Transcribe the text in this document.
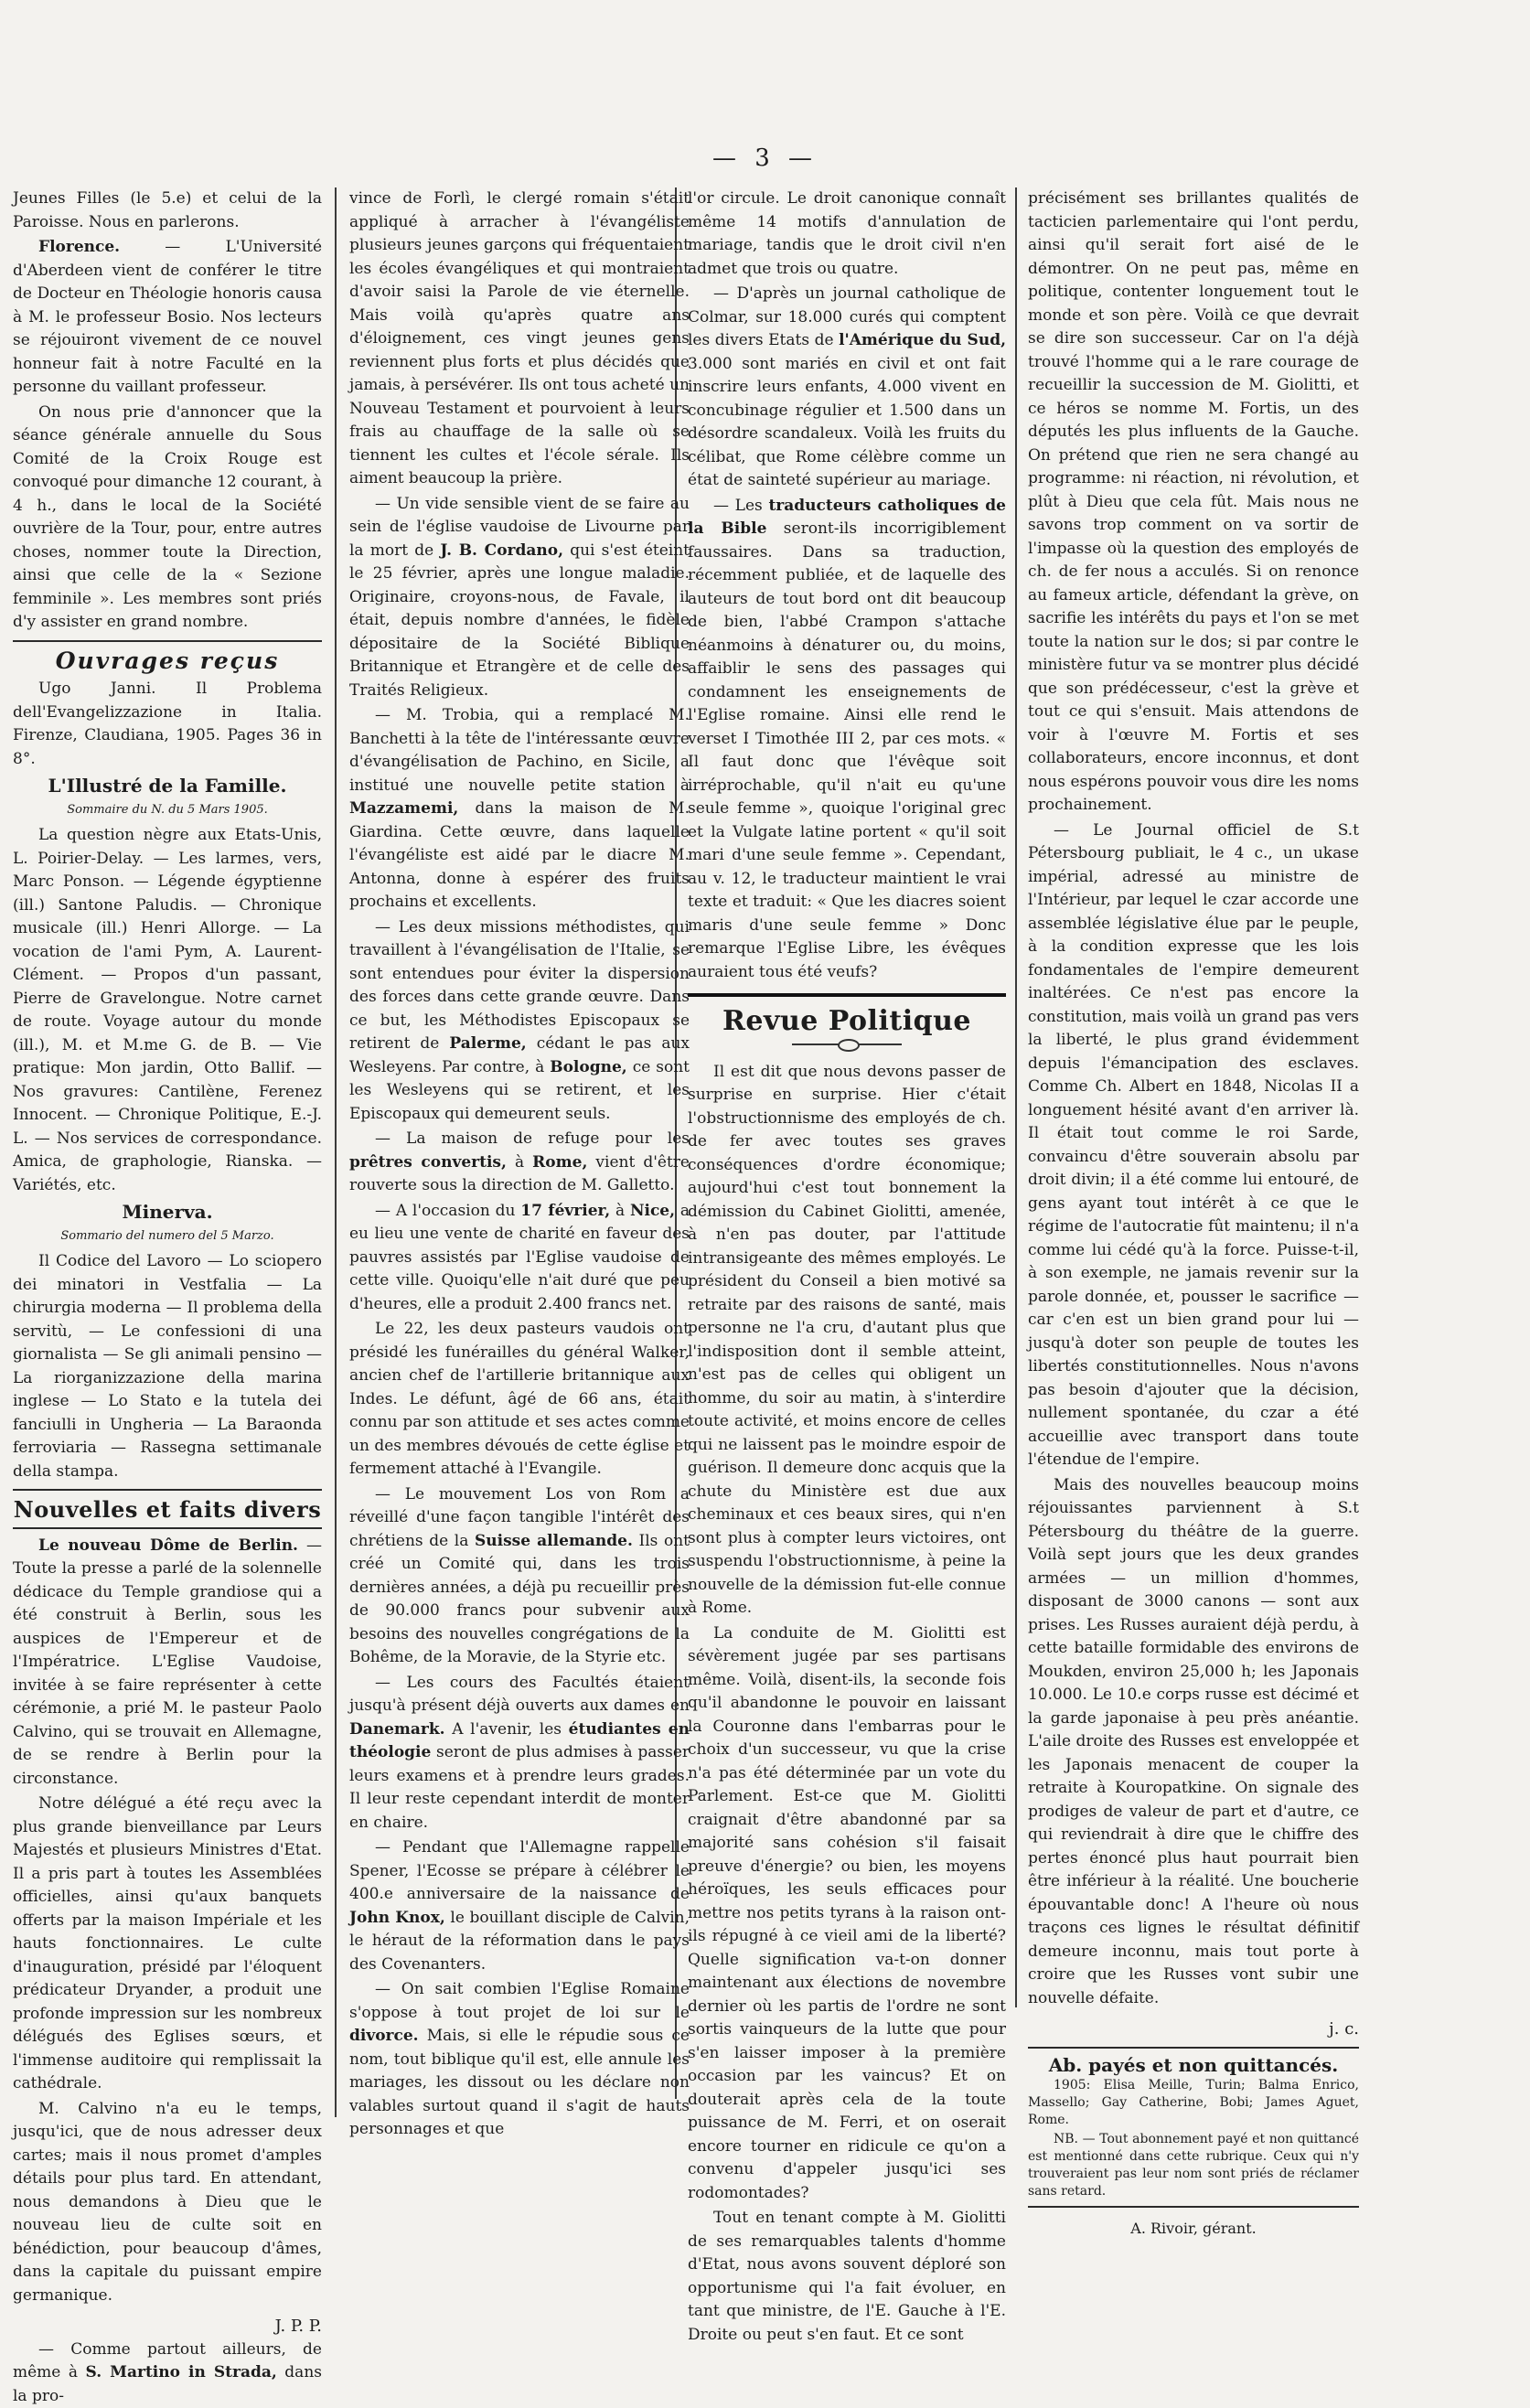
— 3 —

Jeunes Filles (le 5.e) et celui de la Paroisse. Nous en parlerons.

Florence. — L'Université d'Aberdeen vient de conférer le titre de Docteur en Théologie honoris causa à M. le professeur Bosio. Nos lecteurs se réjouiront vivement de ce nouvel honneur fait à notre Faculté en la personne du vaillant professeur.

On nous prie d'annoncer que la séance générale annuelle du Sous Comité de la Croix Rouge est convoqué pour dimanche 12 courant, à 4 h., dans le local de la Société ouvrière de la Tour, pour, entre autres choses, nommer toute la Direction, ainsi que celle de la « Sezione femminile ». Les membres sont priés d'y assister en grand nombre.

Ouvrages reçus

Ugo Janni. Il Problema dell'Evangelizzazione in Italia. Firenze, Claudiana, 1905. Pages 36 in 8°.

L'Illustré de la Famille.
Sommaire du N. du 5 Mars 1905.

La question nègre aux Etats-Unis, L. Poirier-Delay. — Les larmes, vers, Marc Ponson. — Légende égyptienne (ill.) Santone Paludis. — Chronique musicale (ill.) Henri Allorge. — La vocation de l'ami Pym, A. Laurent-Clément. — Propos d'un passant, Pierre de Gravelongue. Notre carnet de route. Voyage autour du monde (ill.), M. et M.me G. de B. — Vie pratique: Mon jardin, Otto Ballif. — Nos gravures: Cantilène, Ferenez Innocent. — Chronique Politique, E.-J. L. — Nos services de correspondance. Amica, de graphologie, Rianska. — Variétés, etc.

Minerva.
Sommario del numero del 5 Marzo.

Il Codice del Lavoro — Lo sciopero dei minatori in Vestfalia — La chirurgia moderna — Il problema della servitù, — Le confessioni di una giornalista — Se gli animali pensino — La riorganizzazione della marina inglese — Lo Stato e la tutela dei fanciulli in Ungheria — La Baraonda ferroviaria — Rassegna settimanale della stampa.

Nouvelles et faits divers

Le nouveau Dôme de Berlin. — Toute la presse a parlé de la solennelle dédicace du Temple grandiose qui a été construit à Berlin, sous les auspices de l'Empereur et de l'Impératrice. L'Eglise Vaudoise, invitée à se faire représenter à cette cérémonie, a prié M. le pasteur Paolo Calvino, qui se trouvait en Allemagne, de se rendre à Berlin pour la circonstance.

Notre délégué a été reçu avec la plus grande bienveillance par Leurs Majestés et plusieurs Ministres d'Etat. Il a pris part à toutes les Assemblées officielles, ainsi qu'aux banquets offerts par la maison Impériale et les hauts fonctionnaires. Le culte d'inauguration, présidé par l'éloquent prédicateur Dryander, a produit une profonde impression sur les nombreux délégués des Eglises sœurs, et l'immense auditoire qui remplissait la cathédrale.

M. Calvino n'a eu le temps, jusqu'ici, que de nous adresser deux cartes; mais il nous promet d'amples détails pour plus tard. En attendant, nous demandons à Dieu que le nouveau lieu de culte soit en bénédiction, pour beaucoup d'âmes, dans la capitale du puissant empire germanique.

J. P. P.

— Comme partout ailleurs, de même à S. Martino in Strada, dans la pro-

vince de Forlì, le clergé romain s'était appliqué à arracher à l'évangéliste plusieurs jeunes garçons qui fréquentaient les écoles évangéliques et qui montraient d'avoir saisi la Parole de vie éternelle. Mais voilà qu'après quatre ans d'éloignement, ces vingt jeunes gens reviennent plus forts et plus décidés que jamais, à persévérer. Ils ont tous acheté un Nouveau Testament et pourvoient à leurs frais au chauffage de la salle où se tiennent les cultes et l'école sérale. Ils aiment beaucoup la prière.

— Un vide sensible vient de se faire au sein de l'église vaudoise de Livourne par la mort de J. B. Cordano, qui s'est éteint le 25 février, après une longue maladie. Originaire, croyons-nous, de Favale, il était, depuis nombre d'années, le fidèle dépositaire de la Société Biblique Britannique et Etrangère et de celle des Traités Religieux.

— M. Trobia, qui a remplacé M. Banchetti à la tête de l'intéressante œuvre d'évangélisation de Pachino, en Sicile, a institué une nouvelle petite station à Mazzamemi, dans la maison de M. Giardina. Cette œuvre, dans laquelle l'évangéliste est aidé par le diacre M. Antonna, donne à espérer des fruits prochains et excellents.

— Les deux missions méthodistes, qui travaillent à l'évangélisation de l'Italie, se sont entendues pour éviter la dispersion des forces dans cette grande œuvre. Dans ce but, les Méthodistes Episcopaux se retirent de Palerme, cédant le pas aux Wesleyens. Par contre, à Bologne, ce sont les Wesleyens qui se retirent, et les Episcopaux qui demeurent seuls.

— La maison de refuge pour les prêtres convertis, à Rome, vient d'être rouverte sous la direction de M. Galletto.

— A l'occasion du 17 février, à Nice, a eu lieu une vente de charité en faveur des pauvres assistés par l'Eglise vaudoise de cette ville. Quoiqu'elle n'ait duré que peu d'heures, elle a produit 2.400 francs net.

Le 22, les deux pasteurs vaudois ont présidé les funérailles du général Walker, ancien chef de l'artillerie britannique aux Indes. Le défunt, âgé de 66 ans, était connu par son attitude et ses actes comme un des membres dévoués de cette église et fermement attaché à l'Evangile.

— Le mouvement Los von Rom a réveillé d'une façon tangible l'intérêt des chrétiens de la Suisse allemande. Ils ont créé un Comité qui, dans les trois dernières années, a déjà pu recueillir près de 90.000 francs pour subvenir aux besoins des nouvelles congrégations de la Bohême, de la Moravie, de la Styrie etc.

— Les cours des Facultés étaient jusqu'à présent déjà ouverts aux dames en Danemark. A l'avenir, les étudiantes en théologie seront de plus admises à passer leurs examens et à prendre leurs grades. Il leur reste cependant interdit de monter en chaire.

— Pendant que l'Allemagne rappelle Spener, l'Ecosse se prépare à célébrer le 400.e anniversaire de la naissance de John Knox, le bouillant disciple de Calvin, le héraut de la réformation dans le pays des Covenanters.

— On sait combien l'Eglise Romaine s'oppose à tout projet de loi sur le divorce. Mais, si elle le répudie sous ce nom, tout biblique qu'il est, elle annule les mariages, les dissout ou les déclare non valables surtout quand il s'agit de hauts personnages et que

l'or circule. Le droit canonique connaît même 14 motifs d'annulation de mariage, tandis que le droit civil n'en admet que trois ou quatre.

— D'après un journal catholique de Colmar, sur 18.000 curés qui comptent les divers Etats de l'Amérique du Sud, 3.000 sont mariés en civil et ont fait inscrire leurs enfants, 4.000 vivent en concubinage régulier et 1.500 dans un désordre scandaleux. Voilà les fruits du célibat, que Rome célèbre comme un état de sainteté supérieur au mariage.

— Les traducteurs catholiques de la Bible seront-ils incorrigiblement faussaires. Dans sa traduction, récemment publiée, et de laquelle des auteurs de tout bord ont dit beaucoup de bien, l'abbé Crampon s'attache néanmoins à dénaturer ou, du moins, affaiblir le sens des passages qui condamnent les enseignements de l'Eglise romaine. Ainsi elle rend le verset I Timothée III 2, par ces mots. « Il faut donc que l'évêque soit irréprochable, qu'il n'ait eu qu'une seule femme », quoique l'original grec et la Vulgate latine portent « qu'il soit mari d'une seule femme ». Cependant, au v. 12, le traducteur maintient le vrai texte et traduit: « Que les diacres soient maris d'une seule femme » Donc remarque l'Eglise Libre, les évêques auraient tous été veufs?

Revue Politique

Il est dit que nous devons passer de surprise en surprise. Hier c'était l'obstructionnisme des employés de ch. de fer avec toutes ses graves conséquences d'ordre économique; aujourd'hui c'est tout bonnement la démission du Cabinet Giolitti, amenée, à n'en pas douter, par l'attitude intransigeante des mêmes employés. Le président du Conseil a bien motivé sa retraite par des raisons de santé, mais personne ne l'a cru, d'autant plus que l'indisposition dont il semble atteint, n'est pas de celles qui obligent un homme, du soir au matin, à s'interdire toute activité, et moins encore de celles qui ne laissent pas le moindre espoir de guérison. Il demeure donc acquis que la chute du Ministère est due aux cheminaux et ces beaux sires, qui n'en sont plus à compter leurs victoires, ont suspendu l'obstructionnisme, à peine la nouvelle de la démission fut-elle connue à Rome.

La conduite de M. Giolitti est sévèrement jugée par ses partisans même. Voilà, disent-ils, la seconde fois qu'il abandonne le pouvoir en laissant la Couronne dans l'embarras pour le choix d'un successeur, vu que la crise n'a pas été déterminée par un vote du Parlement. Est-ce que M. Giolitti craignait d'être abandonné par sa majorité sans cohésion s'il faisait preuve d'énergie? ou bien, les moyens héroïques, les seuls efficaces pour mettre nos petits tyrans à la raison ont-ils répugné à ce vieil ami de la liberté? Quelle signification va-t-on donner maintenant aux élections de novembre dernier où les partis de l'ordre ne sont sortis vainqueurs de la lutte que pour s'en laisser imposer à la première occasion par les vaincus? Et on douterait après cela de la toute puissance de M. Ferri, et on oserait encore tourner en ridicule ce qu'on a convenu d'appeler jusqu'ici ses rodomontades?

Tout en tenant compte à M. Giolitti de ses remarquables talents d'homme d'Etat, nous avons souvent déploré son opportunisme qui l'a fait évoluer, en tant que ministre, de l'E. Gauche à l'E. Droite ou peut s'en faut. Et ce sont

précisément ses brillantes qualités de tacticien parlementaire qui l'ont perdu, ainsi qu'il serait fort aisé de le démontrer. On ne peut pas, même en politique, contenter longuement tout le monde et son père. Voilà ce que devrait se dire son successeur. Car on l'a déjà trouvé l'homme qui a le rare courage de recueillir la succession de M. Giolitti, et ce héros se nomme M. Fortis, un des députés les plus influents de la Gauche. On prétend que rien ne sera changé au programme: ni réaction, ni révolution, et plût à Dieu que cela fût. Mais nous ne savons trop comment on va sortir de l'impasse où la question des employés de ch. de fer nous a acculés. Si on renonce au fameux article, défendant la grève, on sacrifie les intérêts du pays et l'on se met toute la nation sur le dos; si par contre le ministère futur va se montrer plus décidé que son prédécesseur, c'est la grève et tout ce qui s'ensuit. Mais attendons de voir à l'œuvre M. Fortis et ses collaborateurs, encore inconnus, et dont nous espérons pouvoir vous dire les noms prochainement.

— Le Journal officiel de S.t Pétersbourg publiait, le 4 c., un ukase impérial, adressé au ministre de l'Intérieur, par lequel le czar accorde une assemblée législative élue par le peuple, à la condition expresse que les lois fondamentales de l'empire demeurent inaltérées. Ce n'est pas encore la constitution, mais voilà un grand pas vers la liberté, le plus grand évidemment depuis l'émancipation des esclaves. Comme Ch. Albert en 1848, Nicolas II a longuement hésité avant d'en arriver là. Il était tout comme le roi Sarde, convaincu d'être souverain absolu par droit divin; il a été comme lui entouré, de gens ayant tout intérêt à ce que le régime de l'autocratie fût maintenu; il n'a comme lui cédé qu'à la force. Puisse-t-il, à son exemple, ne jamais revenir sur la parole donnée, et, pousser le sacrifice — car c'en est un bien grand pour lui — jusqu'à doter son peuple de toutes les libertés constitutionnelles. Nous n'avons pas besoin d'ajouter que la décision, nullement spontanée, du czar a été accueillie avec transport dans toute l'étendue de l'empire.

Mais des nouvelles beaucoup moins réjouissantes parviennent à S.t Pétersbourg du théâtre de la guerre. Voilà sept jours que les deux grandes armées — un million d'hommes, disposant de 3000 canons — sont aux prises. Les Russes auraient déjà perdu, à cette bataille formidable des environs de Moukden, environ 25,000 h; les Japonais 10.000. Le 10.e corps russe est décimé et la garde japonaise à peu près anéantie. L'aile droite des Russes est enveloppée et les Japonais menacent de couper la retraite à Kouropatkine. On signale des prodiges de valeur de part et d'autre, ce qui reviendrait à dire que le chiffre des pertes énoncé plus haut pourrait bien être inférieur à la réalité. Une boucherie épouvantable donc! A l'heure où nous traçons ces lignes le résultat définitif demeure inconnu, mais tout porte à croire que les Russes vont subir une nouvelle défaite.

j. c.
Ab. payés et non quittancés.

1905: Elisa Meille, Turin; Balma Enrico, Massello; Gay Catherine, Bobi; James Aguet, Rome.

NB. — Tout abonnement payé et non quittancé est mentionné dans cette rubrique. Ceux qui n'y trouveraient pas leur nom sont priés de réclamer sans retard.

A. Rivoir, gérant.
